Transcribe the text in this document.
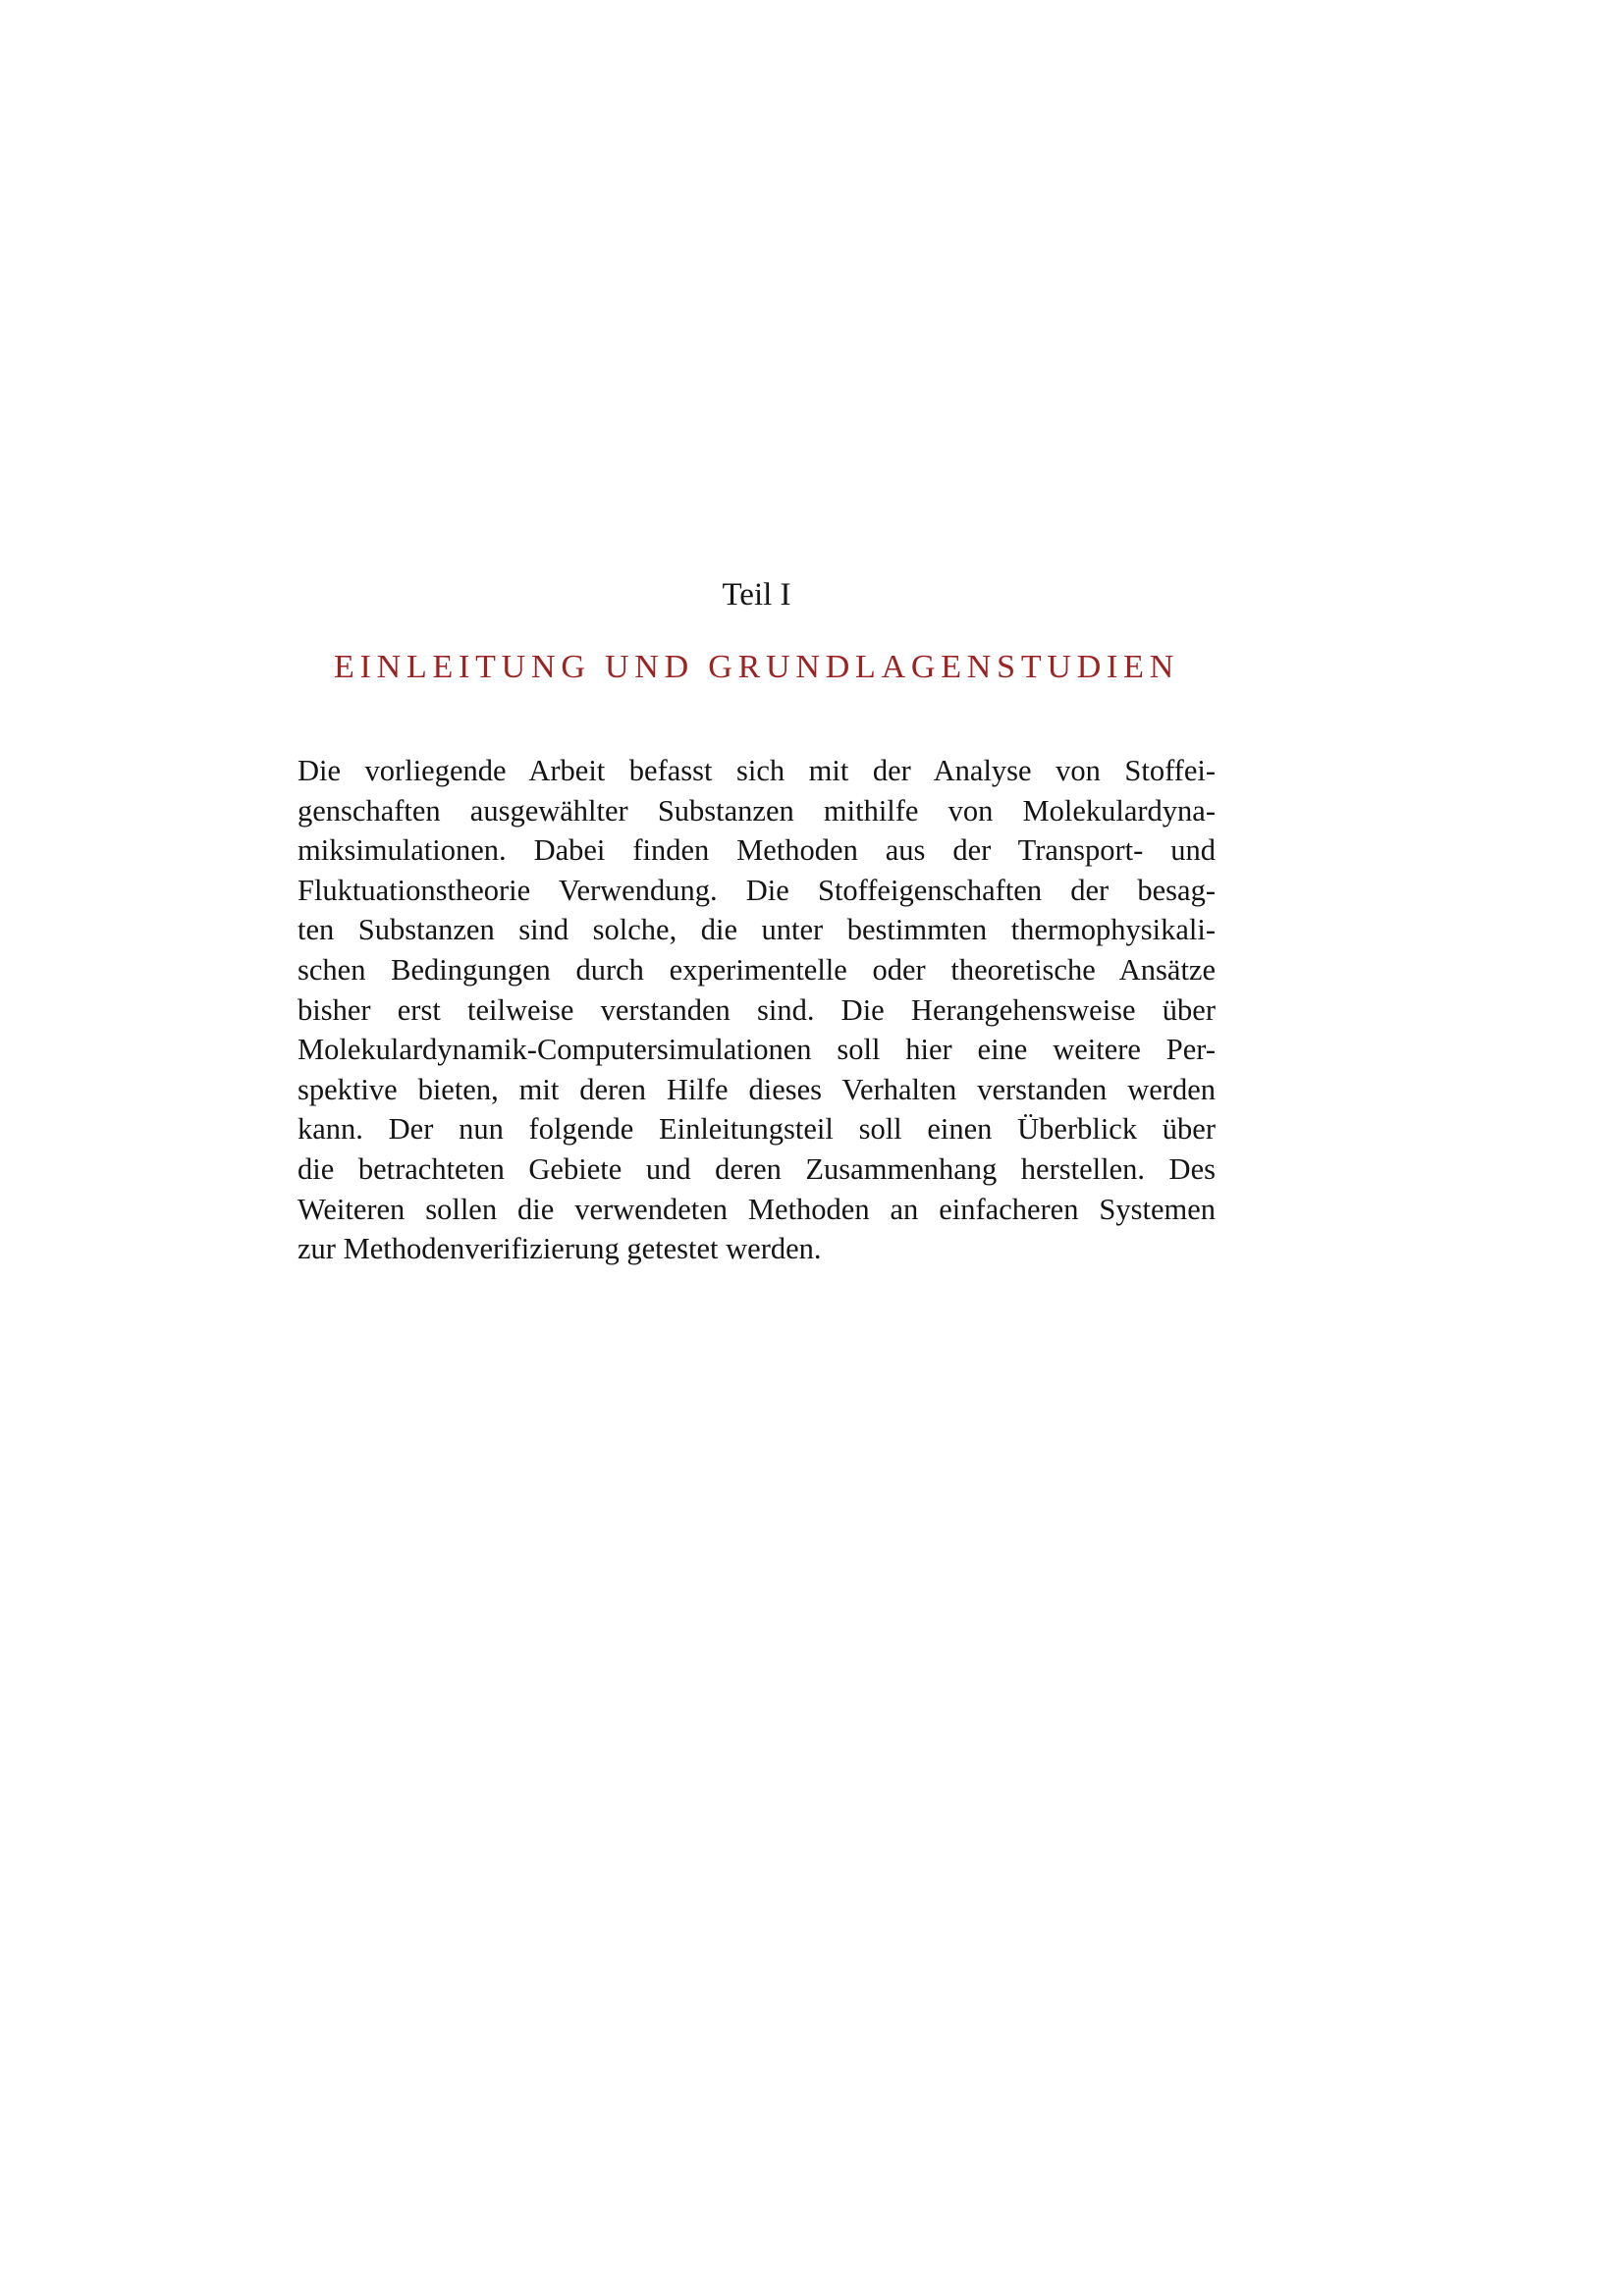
Teil I
EINLEITUNG UND GRUNDLAGENSTUDIEN
Die vorliegende Arbeit befasst sich mit der Analyse von Stoffei-
genschaften ausgewählter Substanzen mithilfe von Molekulardyna-
miksimulationen. Dabei finden Methoden aus der Transport- und
Fluktuationstheorie Verwendung. Die Stoffeigenschaften der besag-
ten Substanzen sind solche, die unter bestimmten thermophysikali-
schen Bedingungen durch experimentelle oder theoretische Ansätze
bisher erst teilweise verstanden sind. Die Herangehensweise über
Molekulardynamik-Computersimulationen soll hier eine weitere Per-
spektive bieten, mit deren Hilfe dieses Verhalten verstanden werden
kann. Der nun folgende Einleitungsteil soll einen Überblick über
die betrachteten Gebiete und deren Zusammenhang herstellen. Des
Weiteren sollen die verwendeten Methoden an einfacheren Systemen
zur Methodenverifizierung getestet werden.
